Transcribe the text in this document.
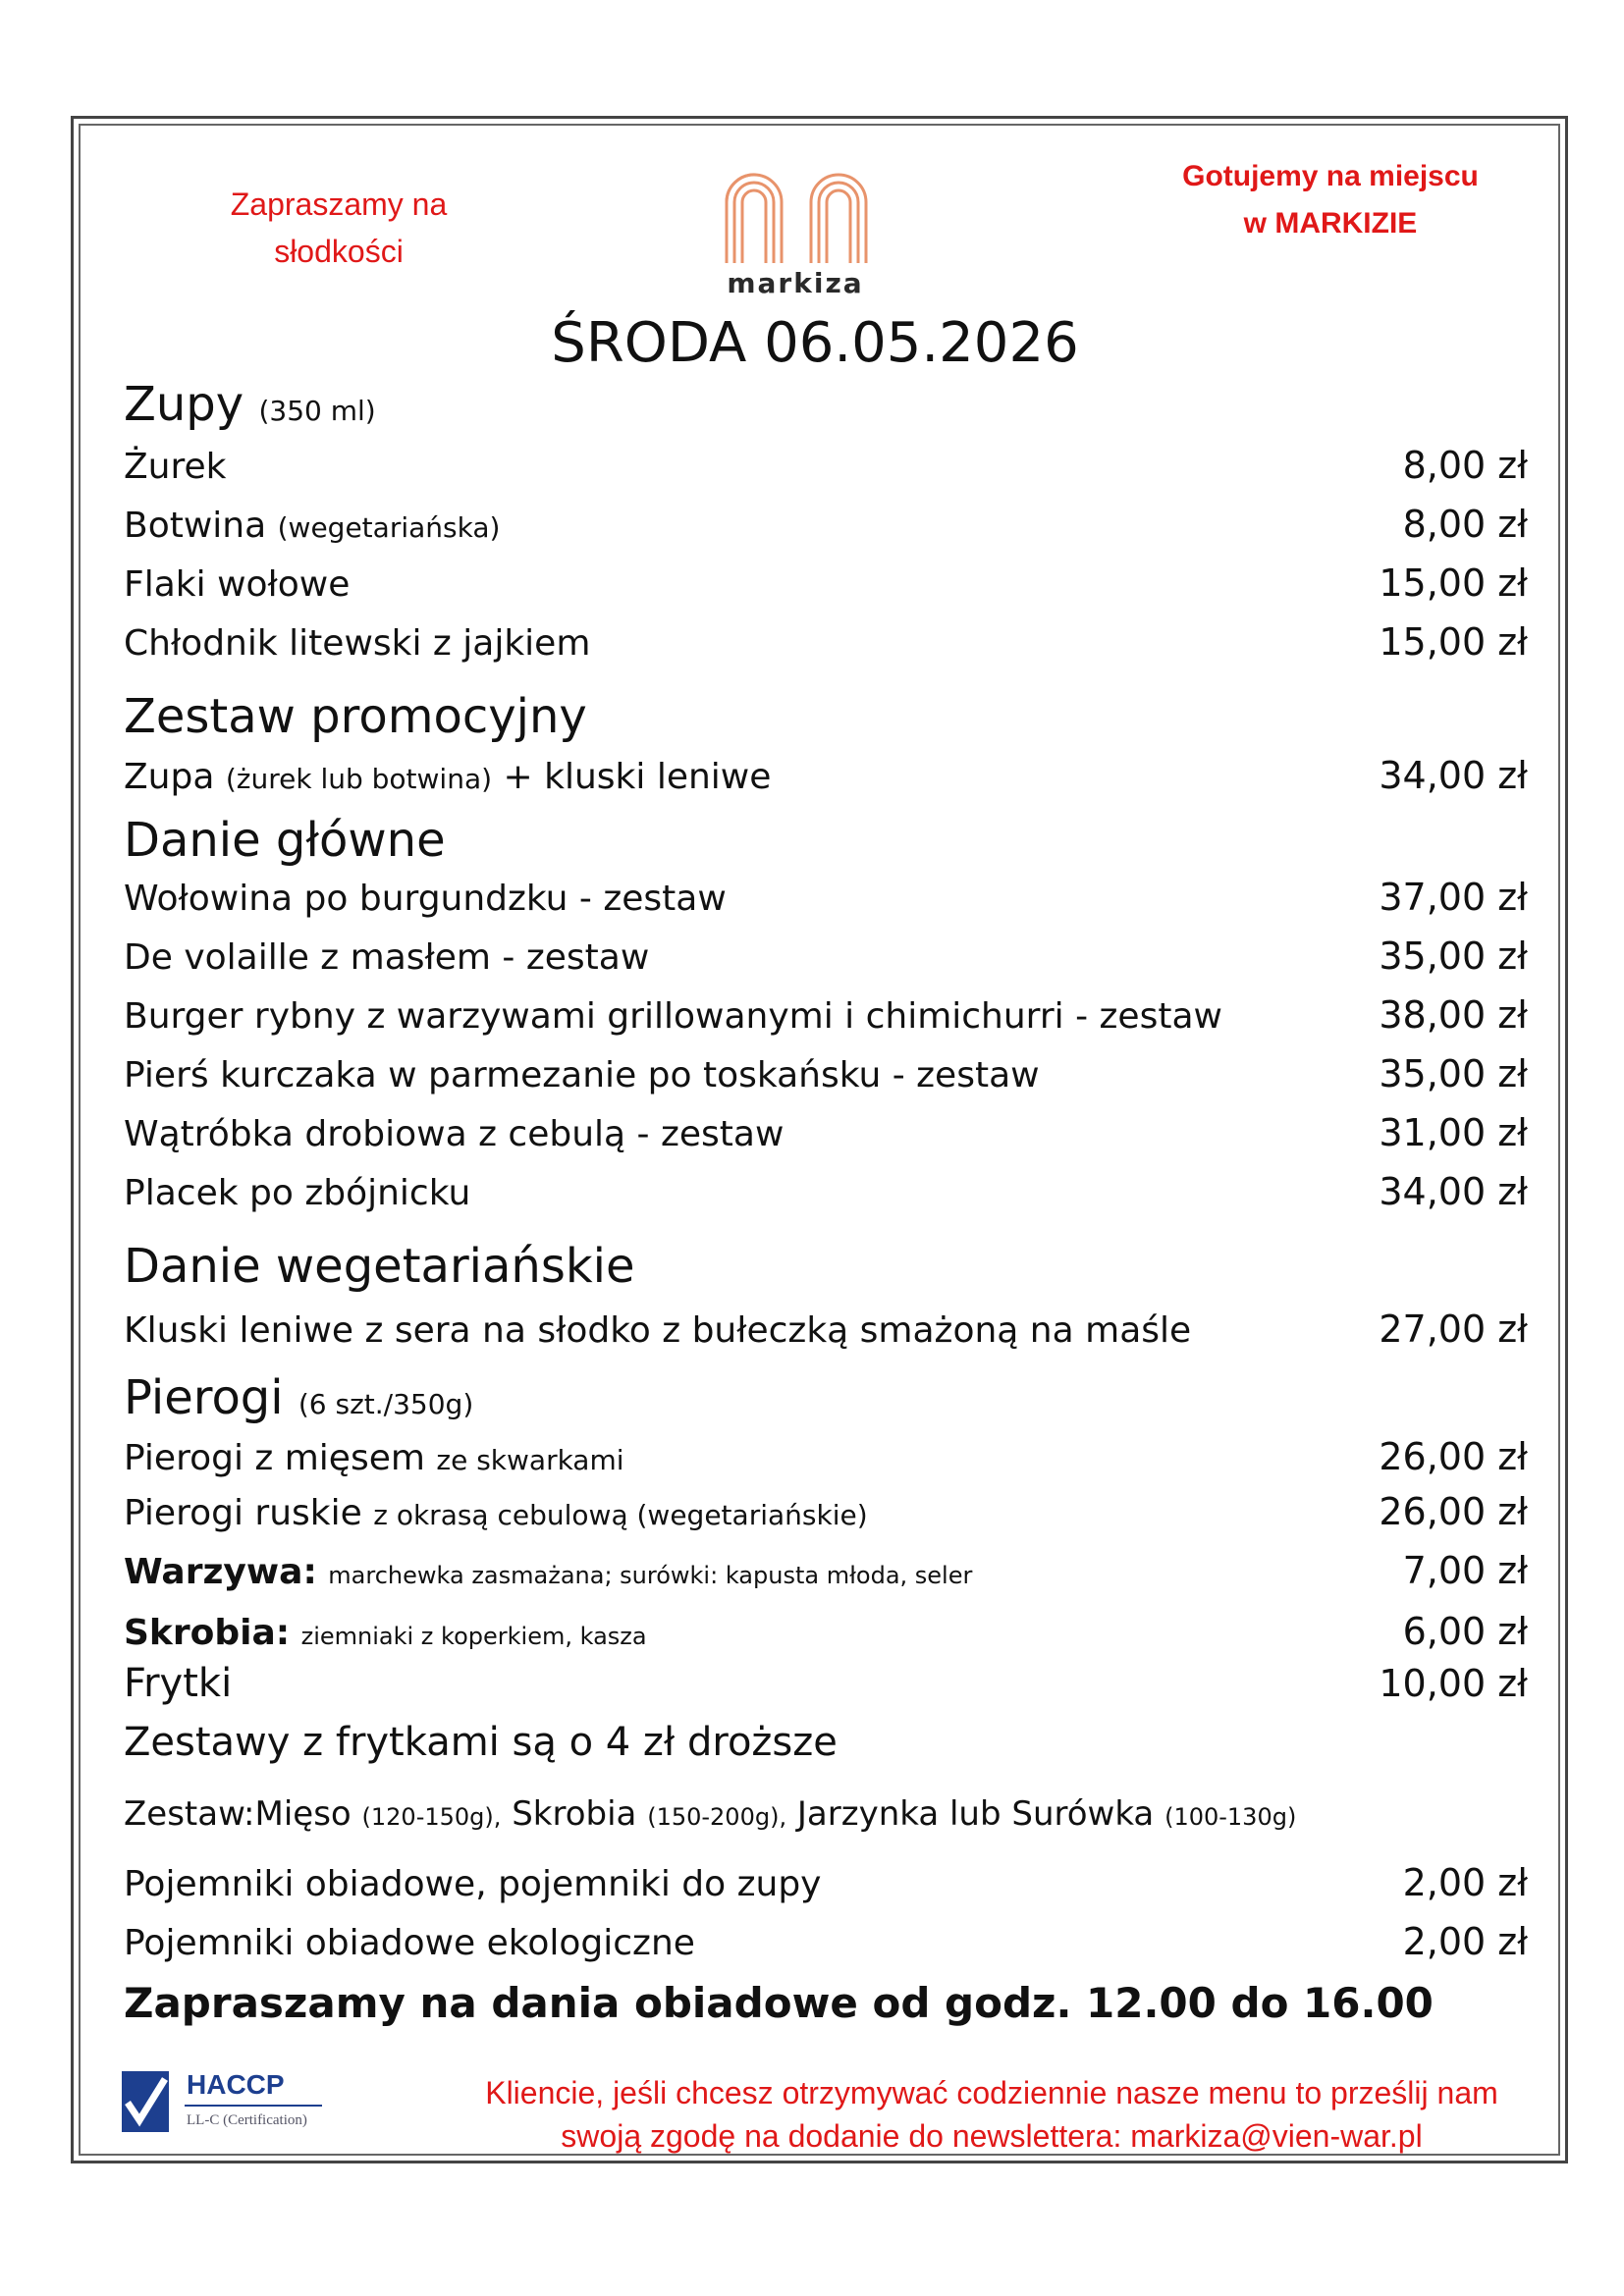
Zapraszamy na
słodkości
Gotujemy na miejscu
w MARKIZIE
markiza
ŚRODA 06.05.2026
Zupy (350 ml)
Żurek	8,00 zł
Botwina (wegetariańska)	8,00 zł
Flaki wołowe	15,00 zł
Chłodnik litewski z jajkiem	15,00 zł
Zestaw promocyjny
Zupa (żurek lub botwina) + kluski leniwe	34,00 zł
Danie główne
Wołowina po burgundzku - zestaw	37,00 zł
De volaille z masłem - zestaw	35,00 zł
Burger rybny z warzywami grillowanymi i chimichurri - zestaw	38,00 zł
Pierś kurczaka w parmezanie po toskańsku - zestaw	35,00 zł
Wątróbka drobiowa z cebulą - zestaw	31,00 zł
Placek po zbójnicku	34,00 zł
Danie wegetariańskie
Kluski leniwe z sera na słodko z bułeczką smażoną na maśle	27,00 zł
Pierogi (6 szt./350g)
Pierogi z mięsem ze skwarkami	26,00 zł
Pierogi ruskie z okrasą cebulową (wegetariańskie)	26,00 zł
Warzywa: marchewka zasmażana; surówki: kapusta młoda, seler	7,00 zł
Skrobia: ziemniaki z koperkiem, kasza	6,00 zł
Frytki	10,00 zł
Zestawy z frytkami są o 4 zł droższe
Zestaw:Mięso (120-150g), Skrobia (150-200g), Jarzynka lub Surówka (100-130g)
Pojemniki obiadowe, pojemniki do zupy	2,00 zł
Pojemniki obiadowe ekologiczne	2,00 zł
Zapraszamy na dania obiadowe od godz. 12.00 do 16.00
HACCP
LL-C (Certification)
Kliencie, jeśli chcesz otrzymywać codziennie nasze menu to prześlij nam
swoją zgodę na dodanie do newslettera: markiza@vien-war.pl
